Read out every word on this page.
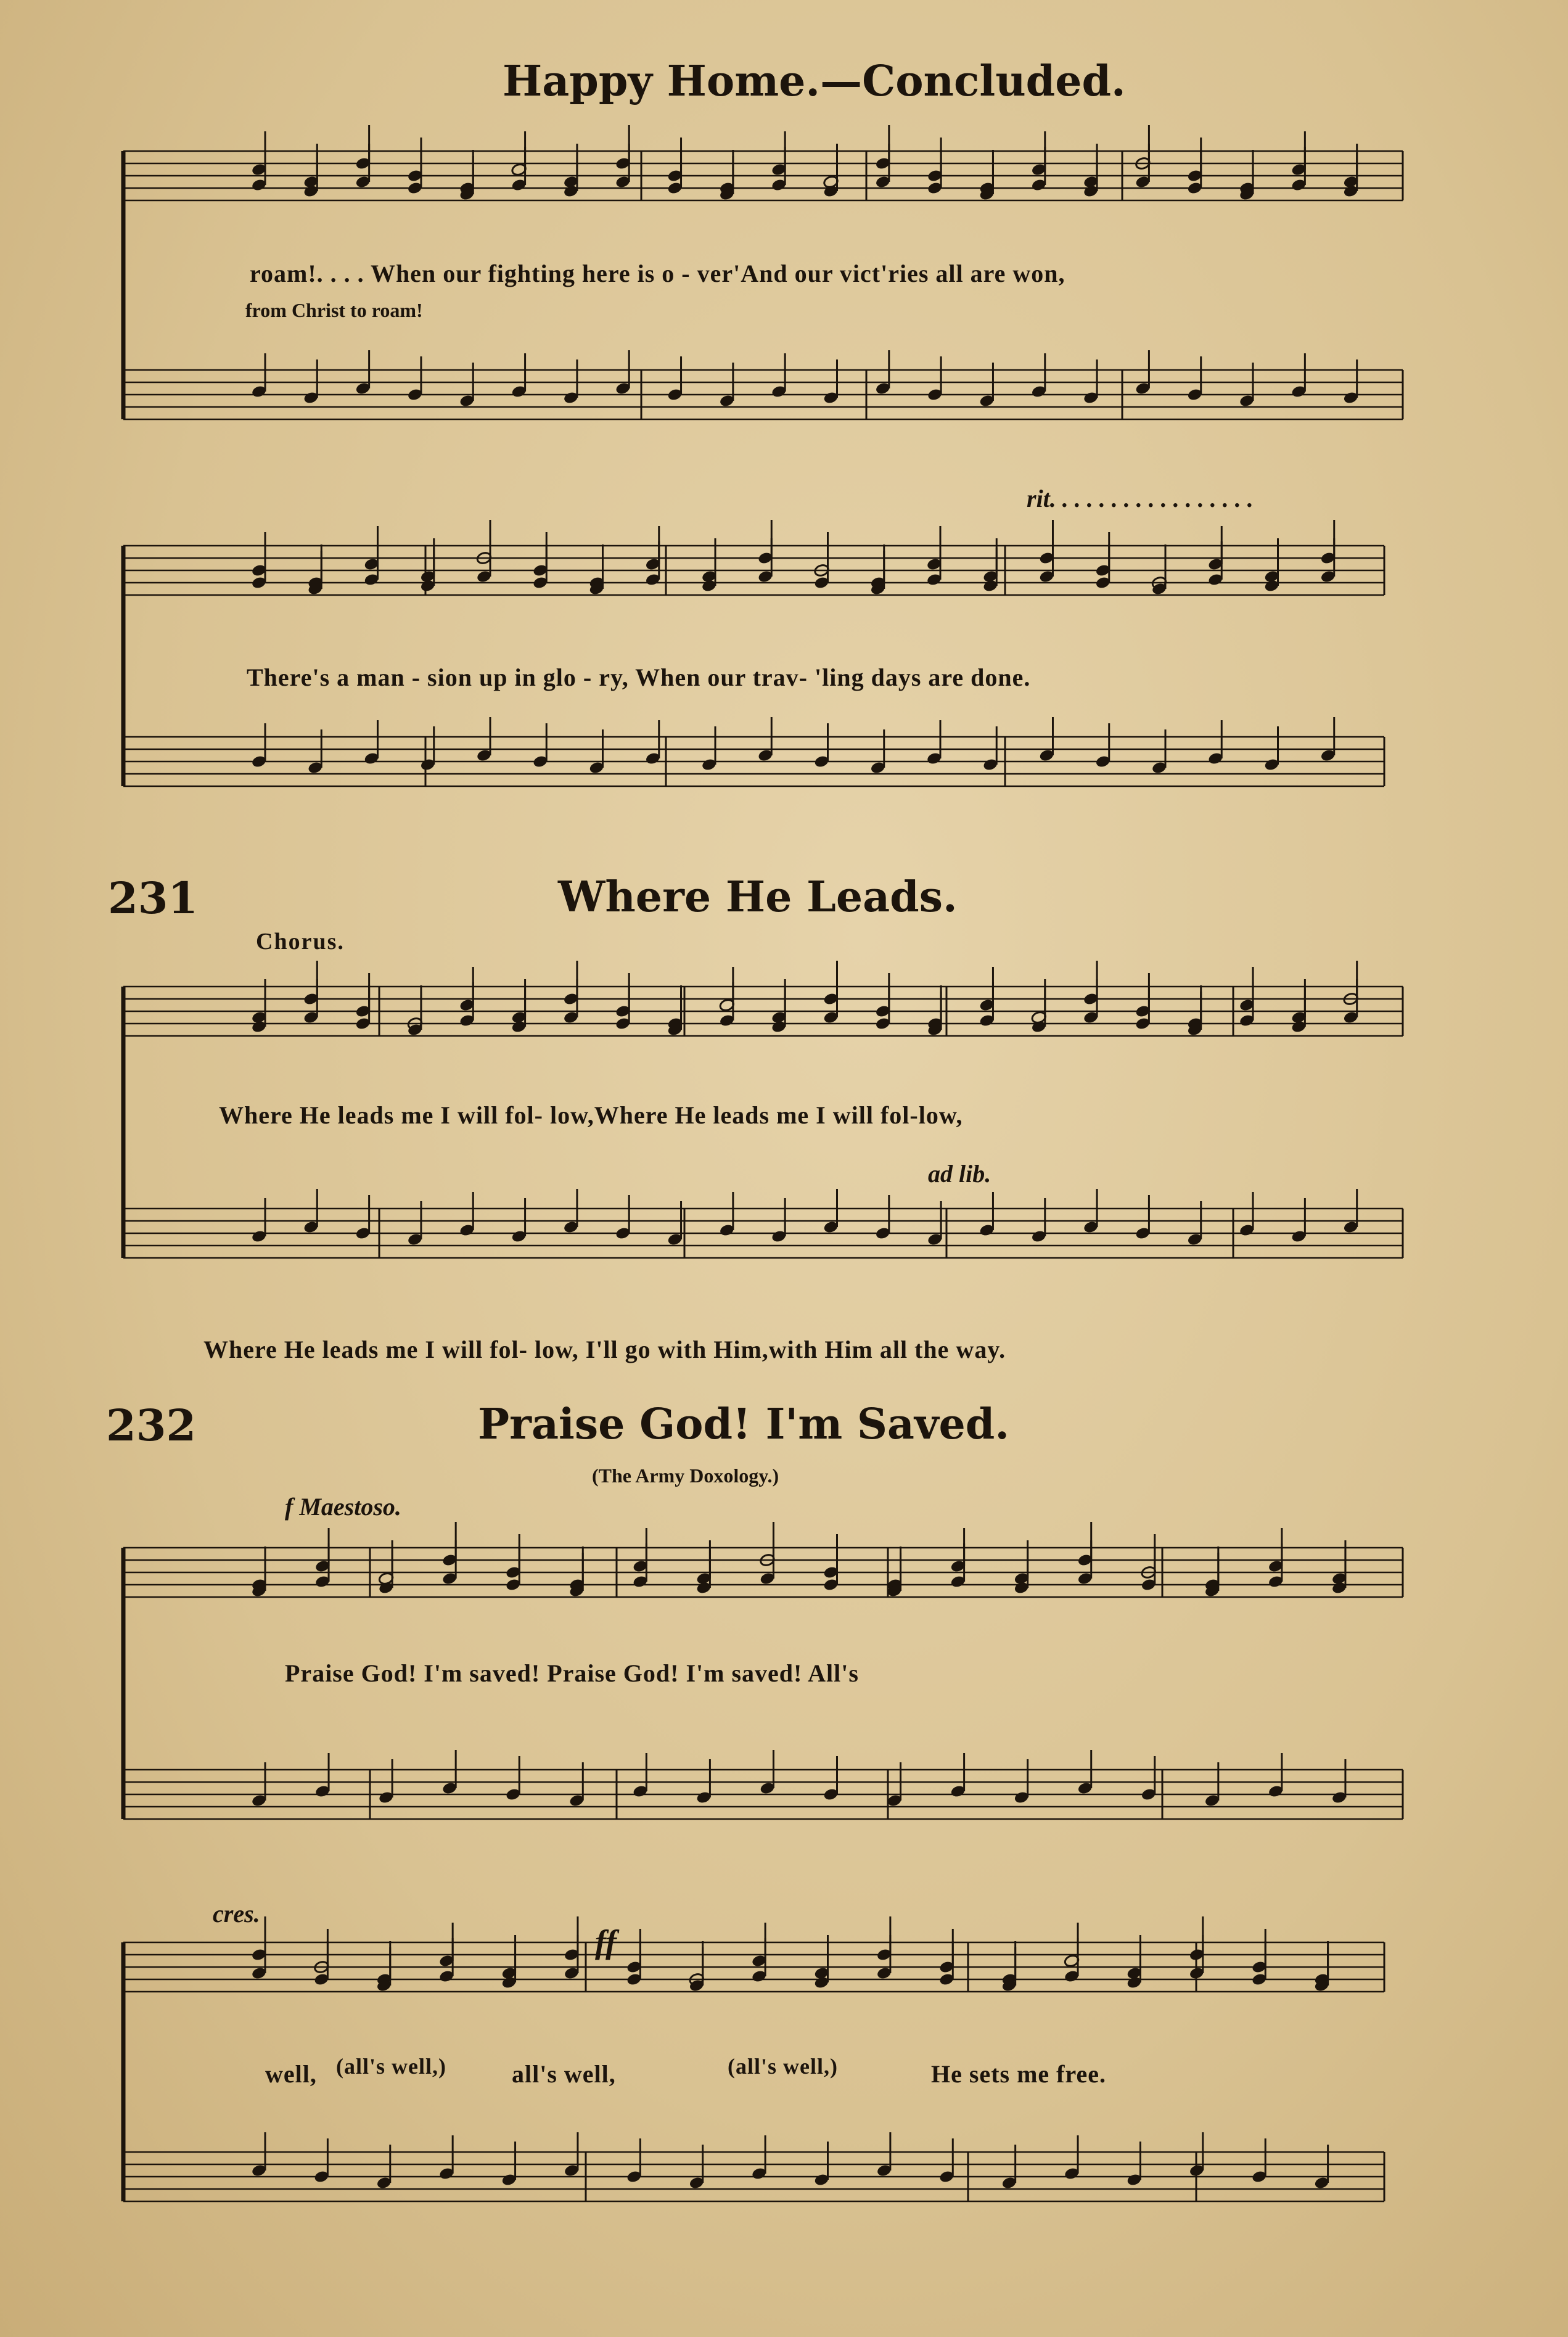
Happy Home.—Concluded.
roam!. . . . When our fighting here is o - ver'And our vict'ries all are won,
from Christ to roam!
rit. . . . . . . . . . . . . . . . .
There's a man - sion up in glo - ry, When our trav- 'ling days are done.
231	Where He Leads.
Chorus.
Where He leads me I will fol- low,Where He leads me I will fol-low,
ad lib.
Where He leads me I will fol- low, I'll go with Him,with Him all the way.
232	Praise God! I'm Saved.
(The Army Doxology.)
f Maestoso.
Praise God! I'm saved! Praise God! I'm saved! All's
cres.
ff
well, (all's well,)	all's well,	(all's well,)	He sets me free.
